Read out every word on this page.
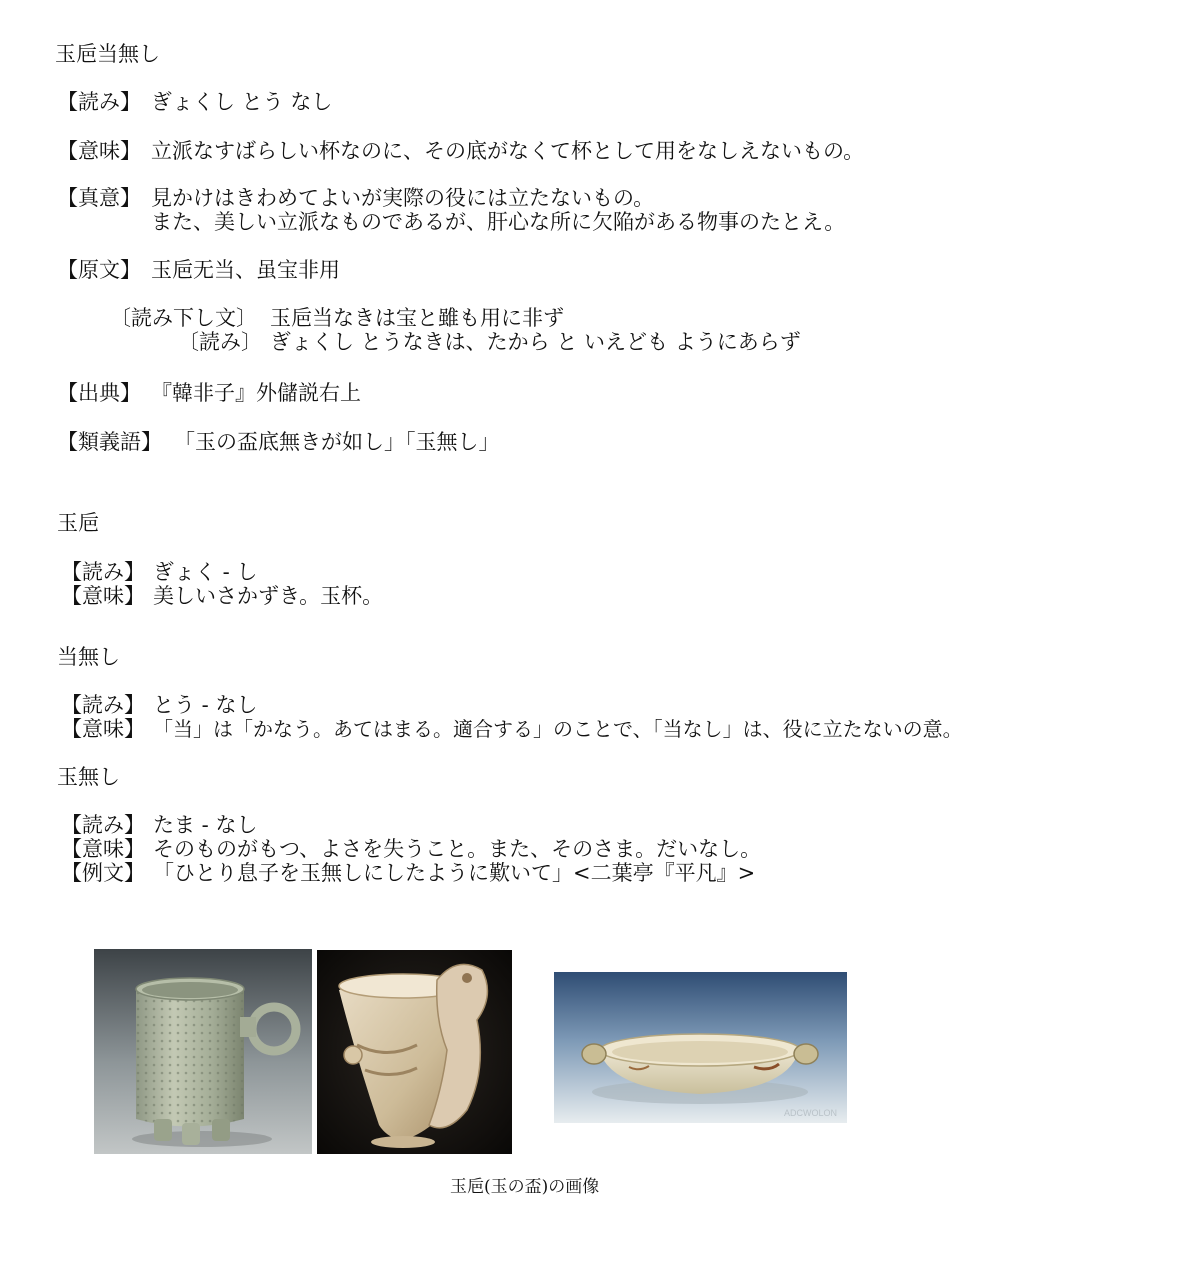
玉巵当無し
【読み】 ぎょくし とう なし
【意味】 立派なすばらしい杯なのに、その底がなくて杯として用をなしえないもの。
【真意】 見かけはきわめてよいが実際の役には立たないもの。
また、美しい立派なものであるが、肝心な所に欠陥がある物事のたとえ。
【原文】 玉巵无当、虽宝非用
〔読み下し文〕 玉巵当なきは宝と雖も用に非ず
〔読み〕 ぎょくし とうなきは、たから と いえども ようにあらず
【出典】 『韓非子』外儲説右上
【類義語】 「玉の盃底無きが如し」「玉無し」
玉巵
【読み】 ぎょく - し
【意味】 美しいさかずき。玉杯。
当無し
【読み】 とう - なし
【意味】 「当」は「かなう。あてはまる。適合する」のことで、「当なし」は、役に立たないの意。
玉無し
【読み】 たま - なし
【意味】 そのものがもつ、よさを失うこと。また、そのさま。だいなし。
【例文】 「ひとり息子を玉無しにしたように歎いて」<二葉亭『平凡』>
ADCWOLON
玉巵(玉の盃)の画像
